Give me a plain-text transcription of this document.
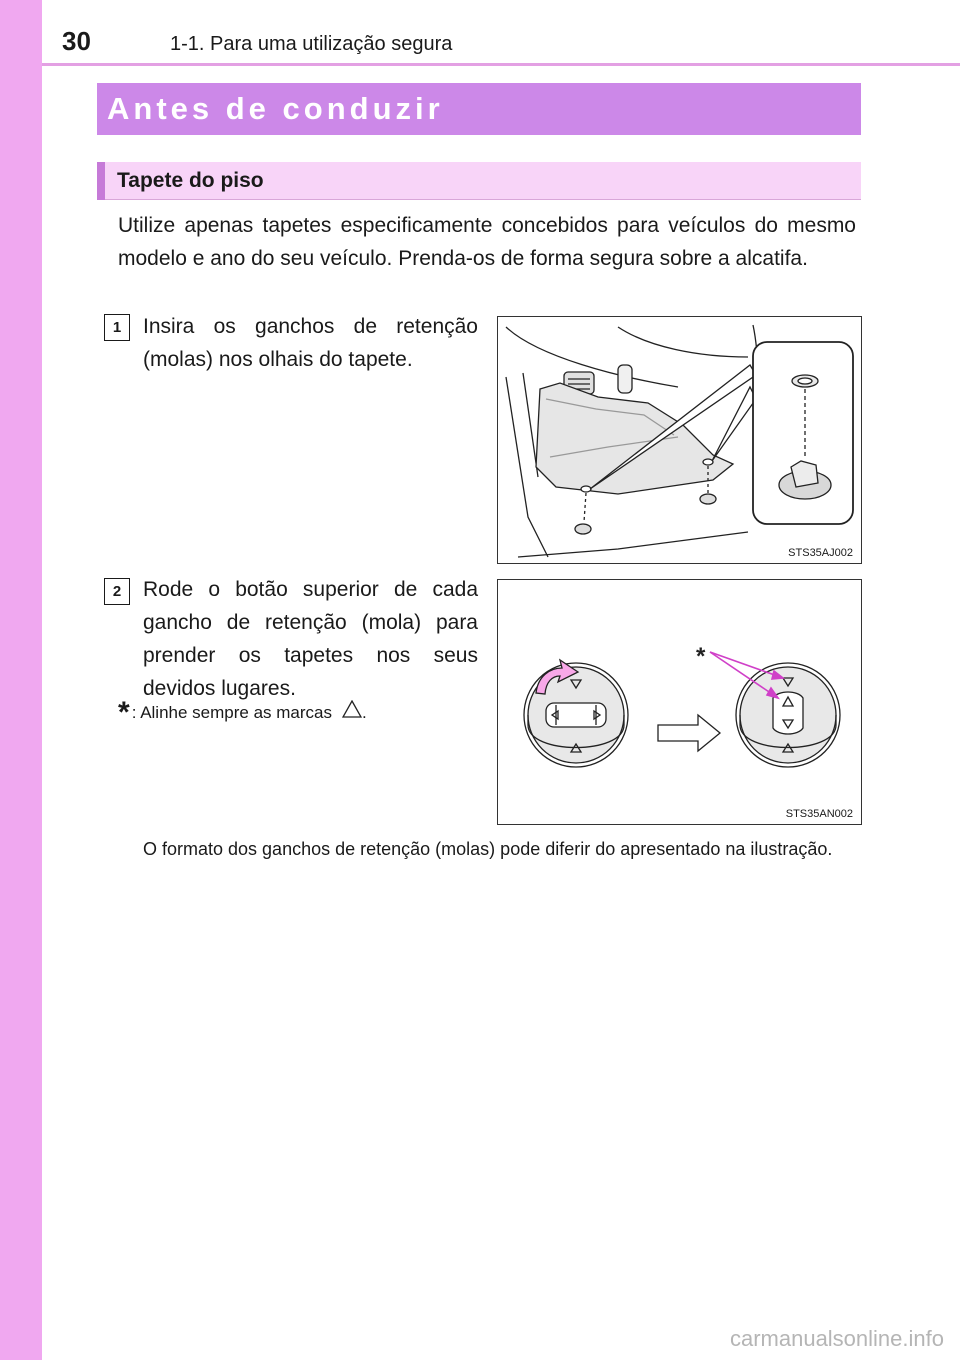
30	1-1. Para uma utilização segura
Antes de conduzir
Tapete do piso

Utilize apenas tapetes especificamente concebidos para veículos do mesmo modelo e ano do seu veículo. Prenda-os de forma segura sobre a alcatifa.

1	Insira os ganchos de retenção (molas) nos olhais do tapete.

STS35AJ002
2	Rode o botão superior de cada gancho de retenção (mola) para prender os tapetes nos seus devidos lugares.

* : Alinhe sempre as marcas .
*
STS35AN002

O formato dos ganchos de retenção (molas) pode diferir do apresentado na ilustração.

carmanualsonline.info
